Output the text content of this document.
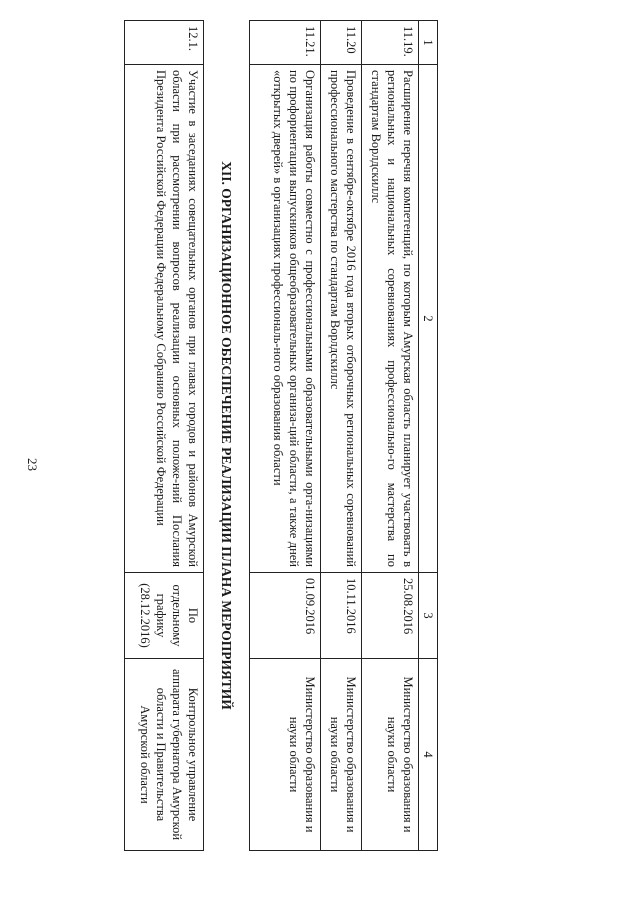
23
1	2	3	4
11.19.	Расширение перечня компетенций, по которым Амурская область планирует участвовать в региональных и национальных соревнованиях профессионально-го мастерства по стандартам Ворлдскиллс	25.08.2016	Министерство образования и науки области
11.20	Проведение в сентябре-октябре 2016 года вторых отборочных региональных соревнований профессионального мастерства по стандартам Ворлдскиллс	10.11.2016	Министерство образования и науки области
11.21.	Организация работы совместно с профессиональными образовательными орга-низациями по профориентации выпускников общеобразовательных организа-ций области, а также дней «открытых дверей» в организациях профессиональ-ного образования области	01.09.2016	Министерство образования и науки области
XII. ОРГАНИЗАЦИОННОЕ ОБЕСПЕЧЕНИЕ РЕАЛИЗАЦИИ ПЛАНА МЕРОПРИЯТИЙ			
12.1.	Участие в заседаниях совещательных органов при главах городов и районов Амурской области при рассмотрении вопросов реализации основных положе-ний Послания Президента Российской Федерации Федеральному Собранию Российской Федерации	По отдельному графику (28.12.2016)	Контрольное управление аппарата губернатора Амурской области и Правительства Амурской области
